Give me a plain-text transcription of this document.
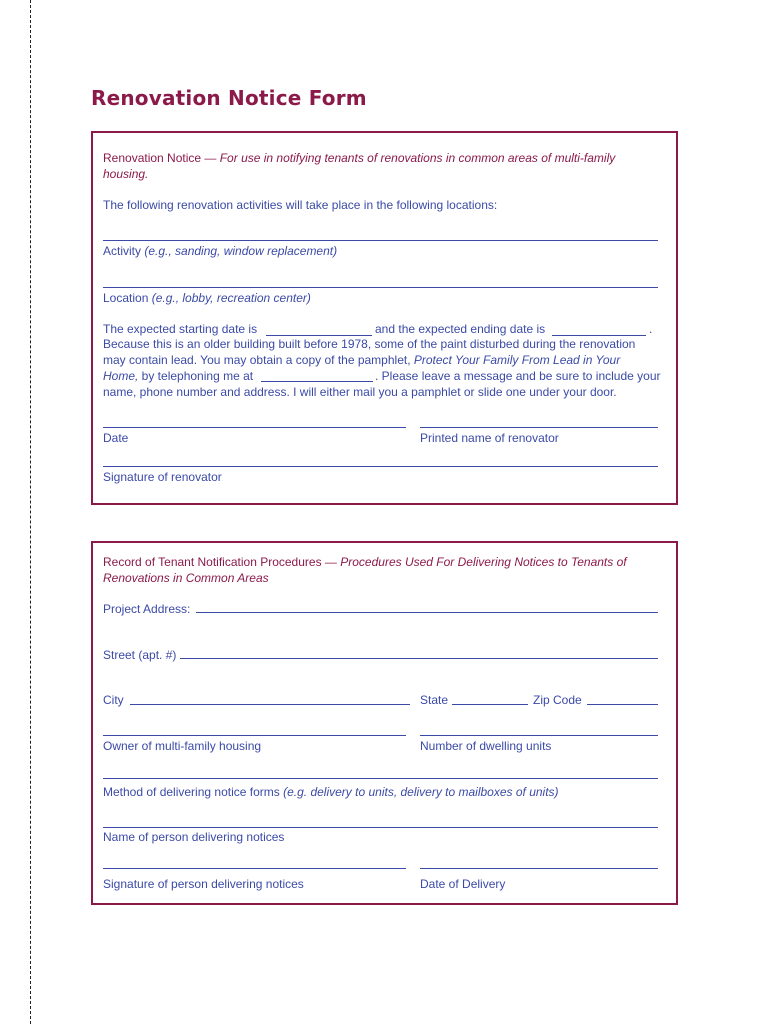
Renovation Notice Form
Renovation Notice — For use in notifying tenants of renovations in common areas of multi-family
housing.
The following renovation activities will take place in the following locations:
Activity (e.g., sanding, window replacement)
Location (e.g., lobby, recreation center)
The expected starting date is	and the expected ending date is	.
Because this is an older building built before 1978, some of the paint disturbed during the renovation
may contain lead. You may obtain a copy of the pamphlet, Protect Your Family From Lead in Your
Home, by telephoning me at	. Please leave a message and be sure to include your
name, phone number and address. I will either mail you a pamphlet or slide one under your door.
Date	Printed name of renovator
Signature of renovator
Record of Tenant Notification Procedures — Procedures Used For Delivering Notices to Tenants of
Renovations in Common Areas
Project Address:
Street (apt. #)
City	State	Zip Code
Owner of multi-family housing	Number of dwelling units
Method of delivering notice forms (e.g. delivery to units, delivery to mailboxes of units)
Name of person delivering notices
Signature of person delivering notices	Date of Delivery
